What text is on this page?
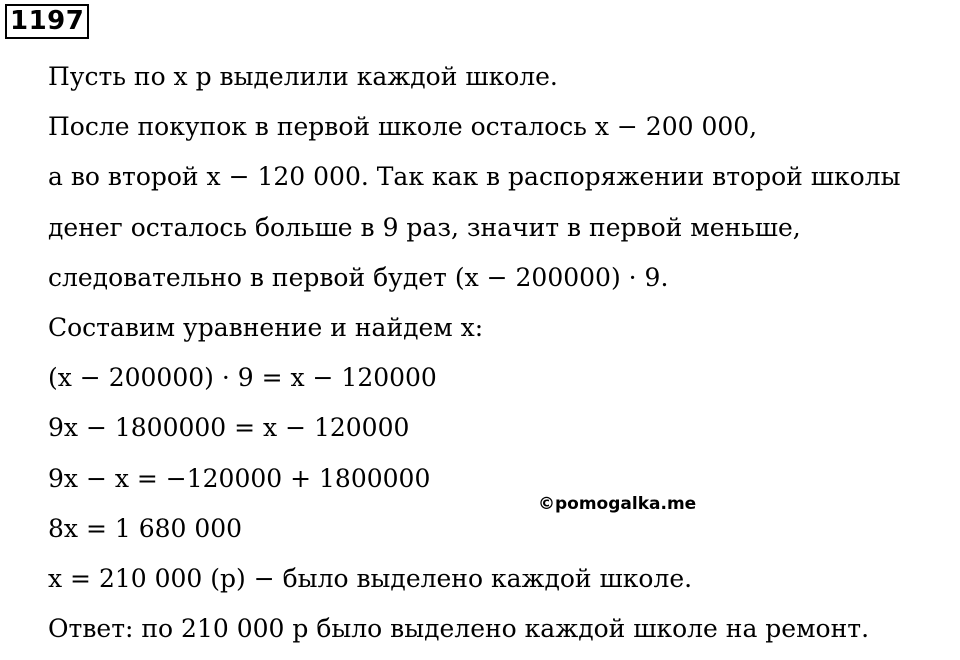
1197
Пусть по x р выделили каждой школе.
После покупок в первой школе осталось x − 200 000,
а во второй x − 120 000. Так как в распоряжении второй школы
денег осталось больше в 9 раз, значит в первой меньше,
следовательно в первой будет (x − 200000) · 9.
Составим уравнение и найдем x:
(x − 200000) · 9 = x − 120000
9x − 1800000 = x − 120000
9x − x = −120000 + 1800000
8x = 1 680 000
x = 210 000 (р) − было выделено каждой школе.
Ответ: по 210 000 р было выделено каждой школе на ремонт.
©pomogalka.me
